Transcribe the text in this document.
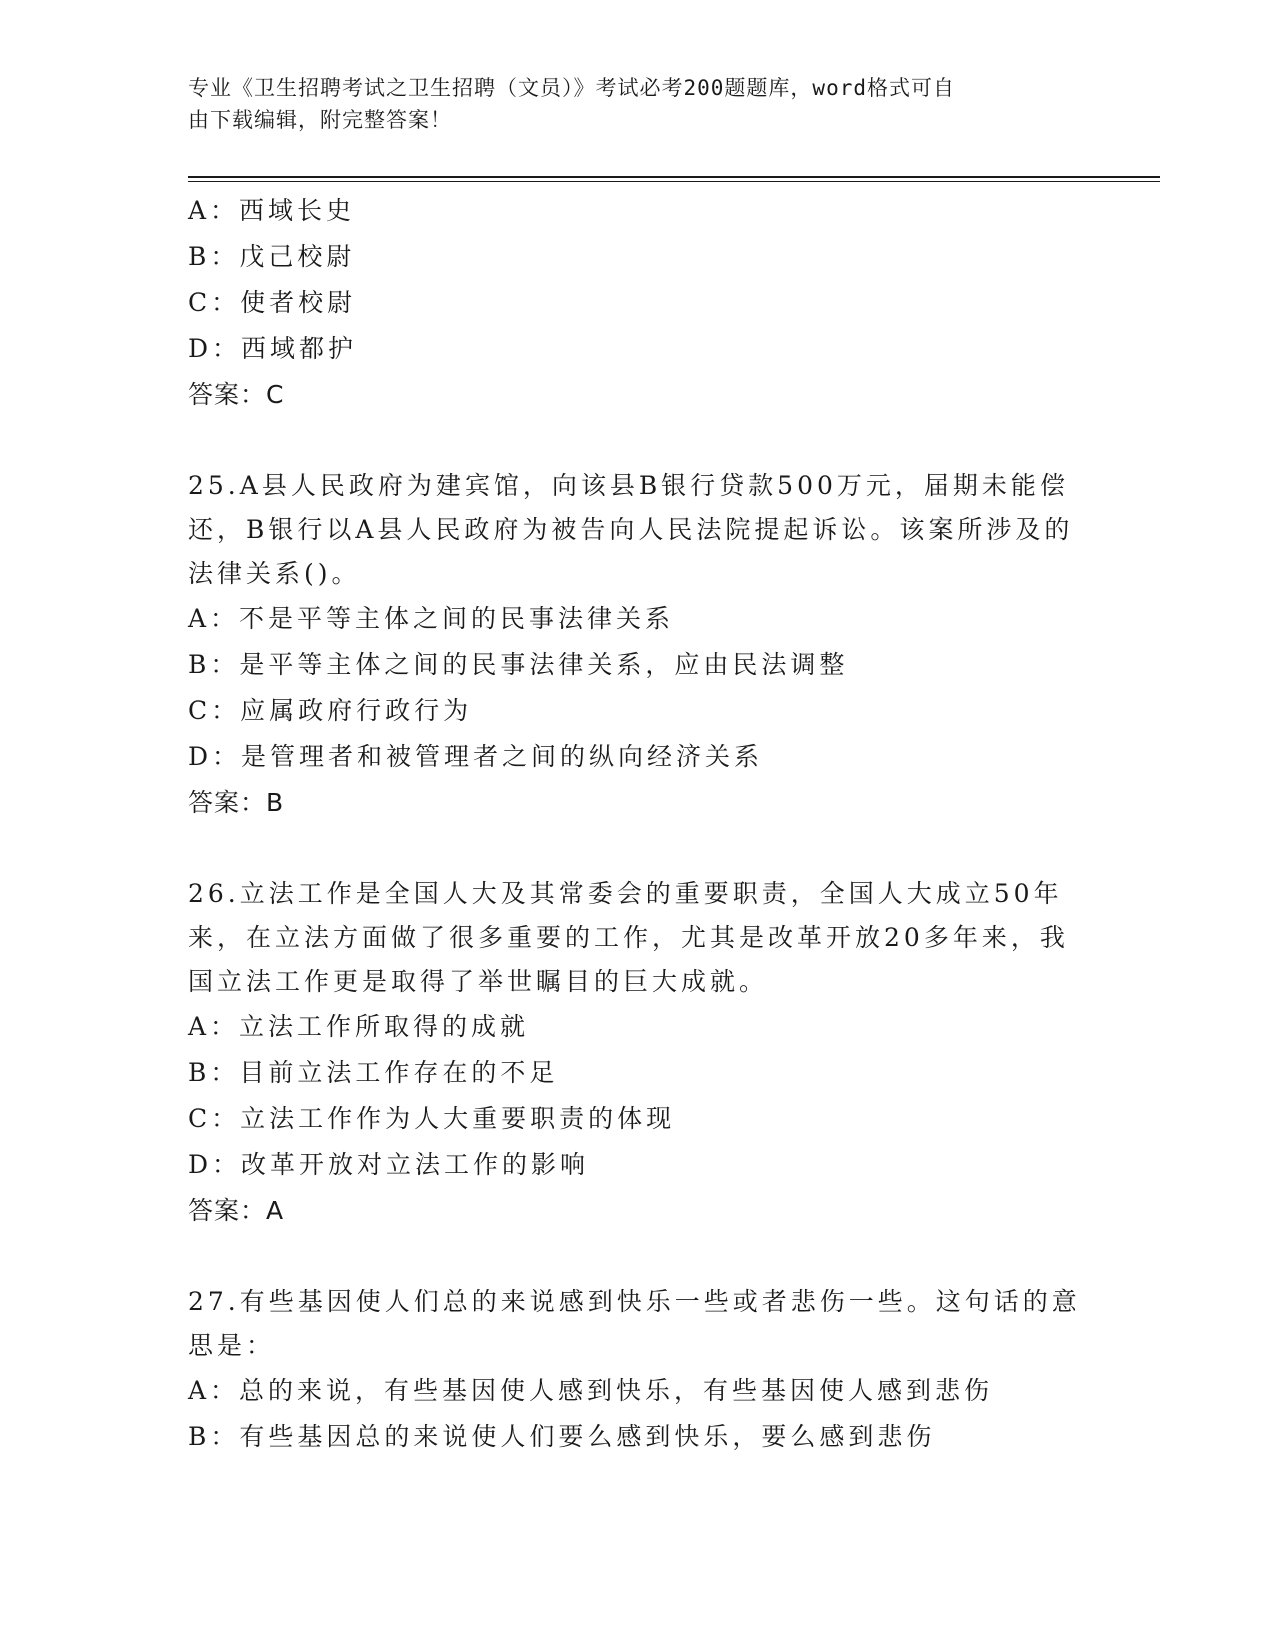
专业《卫生招聘考试之卫生招聘（文员）》考试必考200题题库，word格式可自
由下载编辑，附完整答案！
A：西域长史
B：戊己校尉
C：使者校尉
D：西域都护
答案：C
25.A县人民政府为建宾馆，向该县B银行贷款500万元，届期未能偿
还，B银行以A县人民政府为被告向人民法院提起诉讼。该案所涉及的
法律关系()。
A：不是平等主体之间的民事法律关系
B：是平等主体之间的民事法律关系，应由民法调整
C：应属政府行政行为
D：是管理者和被管理者之间的纵向经济关系
答案：B
26.立法工作是全国人大及其常委会的重要职责，全国人大成立50年
来，在立法方面做了很多重要的工作，尤其是改革开放20多年来，我
国立法工作更是取得了举世瞩目的巨大成就。
A：立法工作所取得的成就
B：目前立法工作存在的不足
C：立法工作作为人大重要职责的体现
D：改革开放对立法工作的影响
答案：A
27.有些基因使人们总的来说感到快乐一些或者悲伤一些。这句话的意
思是：
A：总的来说，有些基因使人感到快乐，有些基因使人感到悲伤
B：有些基因总的来说使人们要么感到快乐，要么感到悲伤
